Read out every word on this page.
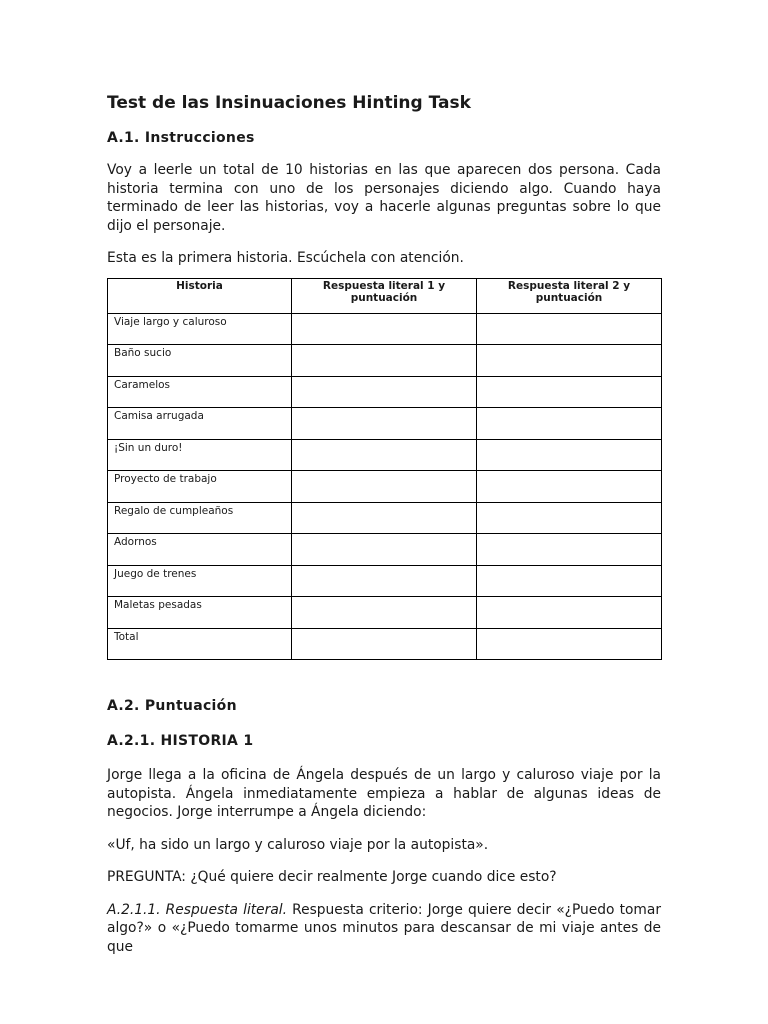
Test de las Insinuaciones Hinting Task
A.1. Instrucciones

Voy a leerle un total de 10 historias en las que aparecen dos persona. Cada historia termina con uno de los personajes diciendo algo. Cuando haya terminado de leer las historias, voy a hacerle algunas preguntas sobre lo que dijo el personaje.

Esta es la primera historia. Escúchela con atención.

Historia	Respuesta literal 1 y puntuación	Respuesta literal 2 y puntuación
Viaje largo y caluroso		
Baño sucio		
Caramelos		
Camisa arrugada		
¡Sin un duro!		
Proyecto de trabajo		
Regalo de cumpleaños		
Adornos		
Juego de trenes		
Maletas pesadas		
Total		
A.2. Puntuación
A.2.1. HISTORIA 1

Jorge llega a la oficina de Ángela después de un largo y caluroso viaje por la autopista. Ángela inmediatamente empieza a hablar de algunas ideas de negocios. Jorge interrumpe a Ángela diciendo:

«Uf, ha sido un largo y caluroso viaje por la autopista».

PREGUNTA: ¿Qué quiere decir realmente Jorge cuando dice esto?

A.2.1.1. Respuesta literal. Respuesta criterio: Jorge quiere decir «¿Puedo tomar algo?» o «¿Puedo tomarme unos minutos para descansar de mi viaje antes de que
